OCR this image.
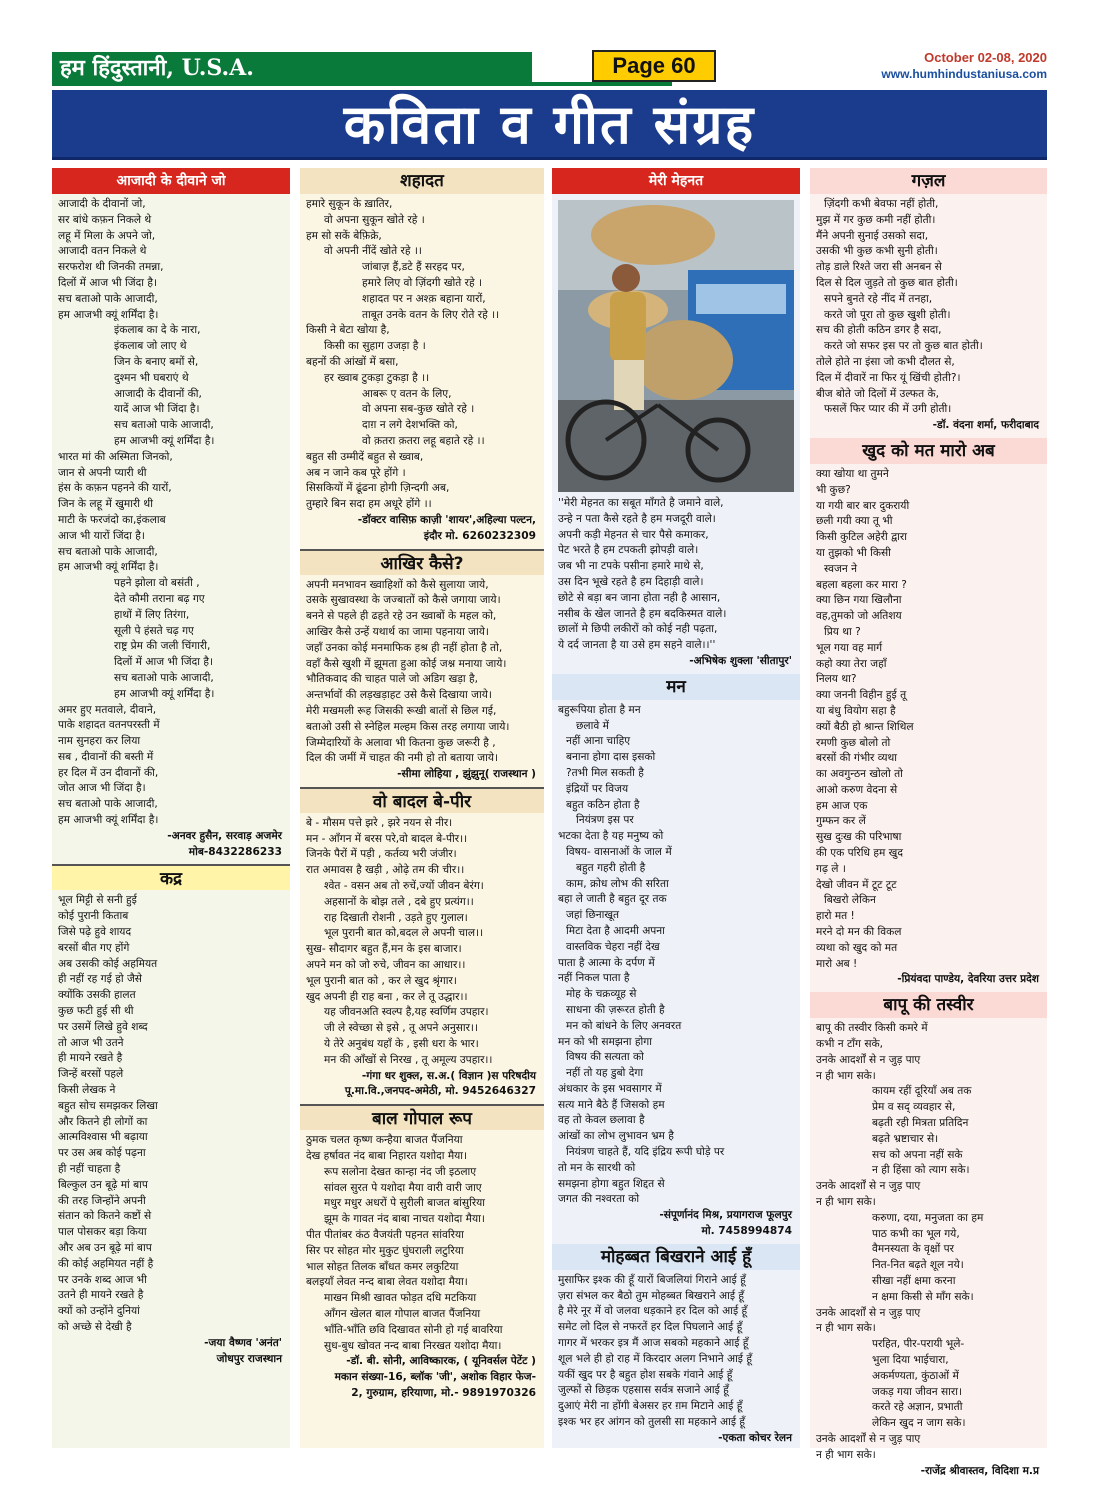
हम हिंदुस्तानी, U.S.A.	Page 60	October 02-08, 2020
www.humhindustaniusa.com
कविता व गीत संग्रह
आजादी के दीवाने जो
आजादी के दीवानों जो,
सर बांधे कफ़न निकले थे
लहू में मिला के अपने जो,
आजादी वतन निकले थे
सरफरोश थी जिनकी तमन्ना,
दिलों में आज भी जिंदा है।
सच बताओ पाके आजादी,
हम आजभी क्यूं शर्मिंदा है।
इंकलाब का दे के नारा,
इंकलाब जो लाए थे
जिन के बनाए बमों से,
दुश्मन भी घबराएं थे
आजादी के दीवानों की,
यादें आज भी जिंदा है।
सच बताओ पाके आजादी,
हम आजभी क्यूं शर्मिंदा है।
भारत मां की अस्मिता जिनको,
जान से अपनी प्यारी थी
हंस के कफ़न पहनने की यारों,
जिन के लहू में खुमारी थी
माटी के फरजंदो का,इंकलाब
आज भी यारों जिंदा है।
सच बताओ पाके आजादी,
हम आजभी क्यूं शर्मिंदा है।
पहने झोला वो बसंती ,
देते कौमी तराना बढ़ गए
हाथों में लिए तिरंगा,
सूली पे हंसते चढ़ गए
राष्ट्र प्रेम की जली चिंगारी,
दिलों में आज भी जिंदा है।
सच बताओ पाके आजादी,
हम आजभी क्यूं शर्मिंदा है।
अमर हुए मतवाले, दीवाने,
पाके शहादत वतनपरस्ती में
नाम सुनहरा कर लिया
सब , दीवानों की बस्ती में
हर दिल में उन दीवानों की,
जोत आज भी जिंदा है।
सच बताओ पाके आजादी,
हम आजभी क्यूं शर्मिंदा है।
-अनवर हुसैन, सरवाड़ अजमेर
मोब-8432286233
कद्र
भूल मिट्टी से सनी हुई
कोई पुरानी किताब
जिसे पढ़े हुवे शायद
बरसों बीत गए होंगे
अब उसकी कोई अहमियत
ही नहीं रह गई हो जैसे
क्योंकि उसकी हालत
कुछ फटी हुई सी थी
पर उसमें लिखे हुवे शब्द
तो आज भी उतने
ही मायने रखते है
जिन्हें बरसों पहले
किसी लेखक ने
बहुत सोच समझकर लिखा
और कितने ही लोगों का
आत्मविश्वास भी बढ़ाया
पर उस अब कोई पढ़ना
ही नहीं चाहता है
बिल्कुल उन बूढ़े मां बाप
की तरह जिन्होंने अपनी
संतान को कितने कष्टों से
पाल पोसकर बड़ा किया
और अब उन बूढ़े मां बाप
की कोई अहमियत नहीं है
पर उनके शब्द आज भी
उतने ही मायने रखते है
क्यों को उन्होंने दुनियां
को अच्छे से देखी है
-जया वैष्णव 'अनंत'
जोधपुर राजस्थान
शहादत
हमारे सुकून के ख़ातिर,
वो अपना सुकून खोते रहे ।
हम सो सकें बेफ़िक्रे,
वो अपनी नींदें खोते रहे ।।
जांबाज़ हैं,डटे हैं सरहद पर,
हमारे लिए वो ज़िंदगी खोते रहे ।
शहादत पर न अश्क़ बहाना यारों,
ताबूत उनके वतन के लिए रोते रहे ।।
किसी ने बेटा खोया है,
किसी का सुहाग उजड़ा है ।
बहनों की आंखों में बसा,
हर ख्वाब टुकड़ा टुकड़ा है ।।
आबरू ए वतन के लिए,
वो अपना सब-कुछ खोते रहे ।
दाग़ न लगे देशभक्ति को,
वो क़तरा क़तरा लहू बहाते रहे ।।
बहुत सी उम्मीदें बहुत से ख्वाब,
अब न जाने कब पूरे होंगे ।
सिसकियों में ढूंढना होगी ज़िन्दगी अब,
तुम्हारे बिन सदा हम अधूरे होंगे ।।
-डॉक्टर वासिफ़ काज़ी 'शायर',अहिल्या पल्टन,
इंदौर मो. 6260232309
आखिर कैसे?
अपनी मनभावन ख्वाहिशों को कैसे सुलाया जाये,
उसके सुखावस्था के जज्बातों को कैसे जगाया जाये।
बनने से पहले ही ढहते रहे उन ख्वाबों के महल को,
आखिर कैसे उन्हें यथार्थ का जामा पहनाया जाये।
जहाँ उनका कोई मनमाफिक हश्र ही नहीं होता है तो,
वहाँ कैसे खुशी में झूमता हुआ कोई जश्न मनाया जाये।
भौतिकवाद की चाहत पाले जो अडिग खड़ा है,
अन्तर्भावों की लड़खड़ाहट उसे कैसे दिखाया जाये।
मेरी मखमली रूह जिसकी रूखी बातों से छिल गई,
बताओ उसी से स्नेहिल मल्हम किस तरह लगाया जाये।
जिम्मेदारियों के अलावा भी कितना कुछ जरूरी है ,
दिल की जमीं में चाहत की नमी हो तो बताया जाये।
-सीमा लोहिया , झुंझुनू( राजस्थान )
वो बादल बे-पीर
बे - मौसम पत्ते झरे , झरे नयन से नीर।
मन - आँगन में बरस परे,वो बादल बे-पीर।।
जिनके पैरों में पड़ी , कर्तव्य भरी जंजीर।
रात अमावस है खड़ी , ओढ़े तम की चीर।।
श्वेत - वसन अब तो रुचें,ज्यों जीवन बेरंग।
अहसानों के बोझ तले , दबे हुए प्रत्यंग।।
राह दिखाती रोशनी , उड़ते हुए गुलाल।
भूल पुरानी बात को,बदल ले अपनी चाल।।
सुख- सौदागर बहुत हैं,मन के इस बाजार।
अपने मन को जो रुचे, जीवन का आधार।।
भूल पुरानी बात को , कर ले खुद श्रृंगार।
खुद अपनी ही राह बना , कर ले तू उद्धार।।
यह जीवनअति स्वल्प है,यह स्वर्णिम उपहार।
जी ले स्वेच्छा से इसे , तू अपने अनुसार।।
ये तेरे अनुबंध यहाँ के , इसी धरा के भार।
मन की आँखों से निरख , तू अमूल्य उपहार।।
-गंगा धर शुक्ल, स.अ.( विज्ञान )स परिषदीय
पू.मा.वि.,जनपद-अमेठी, मो. 9452646327
बाल गोपाल रूप
ठुमक चलत कृष्ण कन्हैया बाजत पैंजनिया
देख हर्षावत नंद बाबा निहारत यशोदा मैया।
रूप सलोना देखत कान्हा नंद जी इठलाए
सांवल सुरत पे यशोदा मैया वारी वारी जाए
मधुर मधुर अधरों पे सुरीली बाजत बांसुरिया
झूम के गावत नंद बाबा नाचत यशोदा मैया।
पीत पीतांबर कंठ वैजयंती पहनत सांवरिया
सिर पर सोहत मोर मुकुट घुंघराली लटुरिया
भाल सोहत तिलक बाँधत कमर लकुटिया
बलइयाँ लेवत नन्द बाबा लेवत यशोदा मैया।
माखन मिश्री खावत फोड़त दधि मटकिया
आँगन खेलत बाल गोपाल बाजत पैंजनिया
भाँति-भाँति छवि दिखावत सोनी हो गई बावरिया
सुध-बुध खोवत नन्द बाबा निरखत यशोदा मैया।
-डॉ. बी. सोनी, आविष्कारक, ( यूनिवर्सल पेटेंट )
मकान संख्या-16, ब्लॉक 'जी', अशोक विहार फेज-
2, गुरुग्राम, हरियाणा, मो.- 9891970326
मेरी मेहनत
''मेरी मेहनत का सबूत माँगते है जमाने वाले,
उन्हे न पता कैसे रहते है हम मजदूरी वाले।
अपनी कड़ी मेहनत से चार पैसे कमाकर,
पेट भरते है हम टपकती झोपड़ी वाले।
जब भी ना टपके पसीना हमारे माथे से,
उस दिन भूखे रहते है हम दिहाड़ी वाले।
छोटे से बड़ा बन जाना होता नही है आसान,
नसीब के खेल जानते है हम बदकिस्मत वाले।
छालों मे छिपी लकीरों को कोई नही पढ़ता,
ये दर्द जानता है या उसे हम सहने वाले।।''
-अभिषेक शुक्ला 'सीतापुर'
मन
बहुरूपिया होता है मन
छलावे में
नहीं आना चाहिए
बनाना होगा दास इसको
?तभी मिल सकती है
इंद्रियों पर विजय
बहुत कठिन होता है
नियंत्रण इस पर
भटका देता है यह मनुष्य को
विषय- वासनाओं के जाल में
बहुत गहरी होती है
काम, क्रोध लोभ की सरिता
बहा ले जाती है बहुत दूर तक
जहां छिनाखूत
मिटा देता है आदमी अपना
वास्तविक चेहरा नहीं देख
पाता है आत्मा के दर्पण में
नहीं निकल पाता है
मोह के चक्रव्यूह से
साधना की ज़रूरत होती है
मन को बांधने के लिए अनवरत
मन को भी समझना होगा
विषय की सत्यता को
नहीं तो यह डुबो देगा
अंधकार के इस भवसागर में
सत्य माने बैठे हैं जिसको हम
वह तो केवल छलावा है
आंखों का लोभ लुभावन भ्रम है
नियंत्रण चाहते हैं, यदि इंद्रिय रूपी घोड़े पर
तो मन के सारथी को
समझना होगा बहुत शिद्दत से
जगत की नश्वरता को
-संपूर्णानंद मिश्र, प्रयागराज फूलपुर
मो. 7458994874
मोहब्बत बिखराने आई हूँ
मुसाफिर इश्क की हूँ यारों बिजलियां गिराने आई हूँ
ज़रा संभल कर बैठो तुम मोहब्बत बिखराने आई हूँ
है मेरे नूर में वो जलवा धड़काने हर दिल को आई हूँ
समेट लो दिल से नफरतें हर दिल पिघलाने आई हूँ
गागर में भरकर इत्र मैं आज सबको महकाने आई हूँ
शूल भले ही हो राह में किरदार अलग निभाने आई हूँ
यकीं खुद पर है बहुत होश सबके गंवाने आई हूँ
जुल्फों से छिड़क एहसास सर्वत्र सजाने आई हूँ
दुआएं मेरी ना होंगी बेअसर हर ग़म मिटाने आई हूँ
इश्क भर हर आंगन को तुलसी सा महकाने आई हूँ
-एकता कोचर रेलन
गज़ल
ज़िंदगी कभी बेवफा नहीं होती,
मुझ में गर कुछ कमी नहीं होती।
मैंने अपनी सुनाई उसको सदा,
उसकी भी कुछ कभी सुनी होती।
तोड़ डाले रिश्ते जरा सी अनबन से
दिल से दिल जुड़ते तो कुछ बात होती।
सपने बुनते रहे नींद में तनहा,
करते जो पूरा तो कुछ खुशी होती।
सच की होती कठिन डगर है सदा,
करते जो सफर इस पर तो कुछ बात होती।
तोले होते ना इंसा जो कभी दौलत से,
दिल में दीवारें ना फिर यूं खिंची होती?।
बीज बोते जो दिलों में उल्फत के,
फसलें फिर प्यार की में उगी होती।
-डॉ. वंदना शर्मा, फरीदाबाद
खुद को मत मारो अब
क्या खोया था तुमने
भी कुछ?
या गयी बार बार दुकरायी
छली गयी क्या तू भी
किसी कुटिल अहेरी द्वारा
या तुझको भी किसी
स्वजन ने
बहला बहला कर मारा ?
क्या छिन गया खिलौना
वह,तुमको जो अतिशय
प्रिय था ?
भूल गया वह मार्ग
कहो क्या तेरा जहाँ
निलय था?
क्या जननी विहीन हुई तू
या बंधु वियोग सहा है
क्यों बैठी हो श्रान्त शिथिल
रमणी कुछ बोलो तो
बरसों की गंभीर व्यथा
का अवगुन्ठन खोलो तो
आओ करुण वेदना से
हम आज एक
गुम्फन कर लें
सुख दुःख की परिभाषा
की एक परिधि हम खुद
गढ़ ले ।
देखो जीवन में टूट टूट
बिखरो लेकिन
हारो मत !
मरने दो मन की विकल
व्यथा को खुद को मत
मारो अब !
-प्रियंवदा पाण्डेय, देवरिया उत्तर प्रदेश
बापू की तस्वीर
बापू की तस्वीर किसी कमरे में
कभी न टाँग सके,
उनके आदर्शों से न जुड़ पाए
न ही भाग सके।
कायम रहीं दूरियाँ अब तक
प्रेम व सद् व्यवहार से,
बढ़ती रही मित्रता प्रतिदिन
बढ़ते भ्रष्टाचार से।
सच को अपना नहीं सके
न ही हिंसा को त्याग सके।
उनके आदर्शों से न जुड़ पाए
न ही भाग सके।
करुणा, दया, मनुजता का हम
पाठ कभी का भूल गये,
वैमनस्यता के वृक्षों पर
नित-नित बढ़ते शूल नये।
सीखा नहीं क्षमा करना
न क्षमा किसी से माँग सके।
उनके आदर्शों से न जुड़ पाए
न ही भाग सके।
परहित, पीर-परायी भूले-
भुला दिया भाईचारा,
अकर्मण्यता, कुंठाओं में
जकड़ गया जीवन सारा।
करते रहे अज्ञान, प्रभाती
लेकिन खुद न जाग सके।
उनके आदर्शों से न जुड़ पाए
न ही भाग सके।
-राजेंद्र श्रीवास्तव, विदिशा म.प्र
